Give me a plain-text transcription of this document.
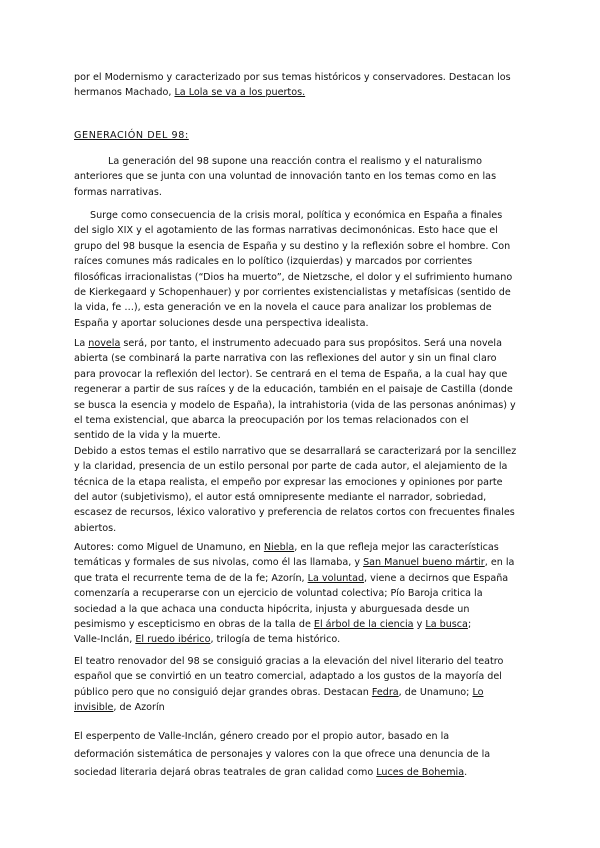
por el Modernismo y caracterizado por sus temas históricos y conservadores. Destacan los
hermanos Machado, La Lola se va a los puertos.
GENERACIÓN DEL 98:
La generación del 98 supone una reacción contra el realismo y el naturalismo
anteriores que se junta con una voluntad de innovación tanto en los temas como en las
formas narrativas.
Surge como consecuencia de la crisis moral, política y económica en España a finales
del siglo XIX y el agotamiento de las formas narrativas decimonónicas. Esto hace que el
grupo del 98 busque la esencia de España y su destino y la reflexión sobre el hombre. Con
raíces comunes más radicales en lo político (izquierdas) y marcados por corrientes
filosóficas irracionalistas (“Dios ha muerto”, de Nietzsche, el dolor y el sufrimiento humano
de Kierkegaard y Schopenhauer) y por corrientes existencialistas y metafísicas (sentido de
la vida, fe …), esta generación ve en la novela el cauce para analizar los problemas de
España y aportar soluciones desde una perspectiva idealista.
La novela será, por tanto, el instrumento adecuado para sus propósitos. Será una novela
abierta (se combinará la parte narrativa con las reflexiones del autor y sin un final claro
para provocar la reflexión del lector). Se centrará en el tema de España, a la cual hay que
regenerar a partir de sus raíces y de la educación, también en el paisaje de Castilla (donde
se busca la esencia y modelo de España), la intrahistoria (vida de las personas anónimas) y
el tema existencial, que abarca la preocupación por los temas relacionados con el
sentido de la vida y la muerte.
Debido a estos temas el estilo narrativo que se desarrallará se caracterizará por la sencillez
y la claridad, presencia de un estilo personal por parte de cada autor, el alejamiento de la
técnica de la etapa realista, el empeño por expresar las emociones y opiniones por parte
del autor (subjetivismo), el autor está omnipresente mediante el narrador, sobriedad,
escasez de recursos, léxico valorativo y preferencia de relatos cortos con frecuentes finales
abiertos.
Autores: como Miguel de Unamuno, en Niebla, en la que refleja mejor las características
temáticas y formales de sus nivolas, como él las llamaba, y San Manuel bueno mártir, en la
que trata el recurrente tema de de la fe; Azorín, La voluntad, viene a decirnos que España
comenzaría a recuperarse con un ejercicio de voluntad colectiva; Pío Baroja critica la
sociedad a la que achaca una conducta hipócrita, injusta y aburguesada desde un
pesimismo y escepticismo en obras de la talla de El árbol de la ciencia y La busca;
Valle-Inclán, El ruedo ibérico, trilogía de tema histórico.
El teatro renovador del 98 se consiguió gracias a la elevación del nivel literario del teatro
español que se convirtió en un teatro comercial, adaptado a los gustos de la mayoría del
público pero que no consiguió dejar grandes obras. Destacan Fedra, de Unamuno; Lo
invisible, de Azorín
El esperpento de Valle-Inclán, género creado por el propio autor, basado en la
deformación sistemática de personajes y valores con la que ofrece una denuncia de la
sociedad literaria dejará obras teatrales de gran calidad como Luces de Bohemia.
